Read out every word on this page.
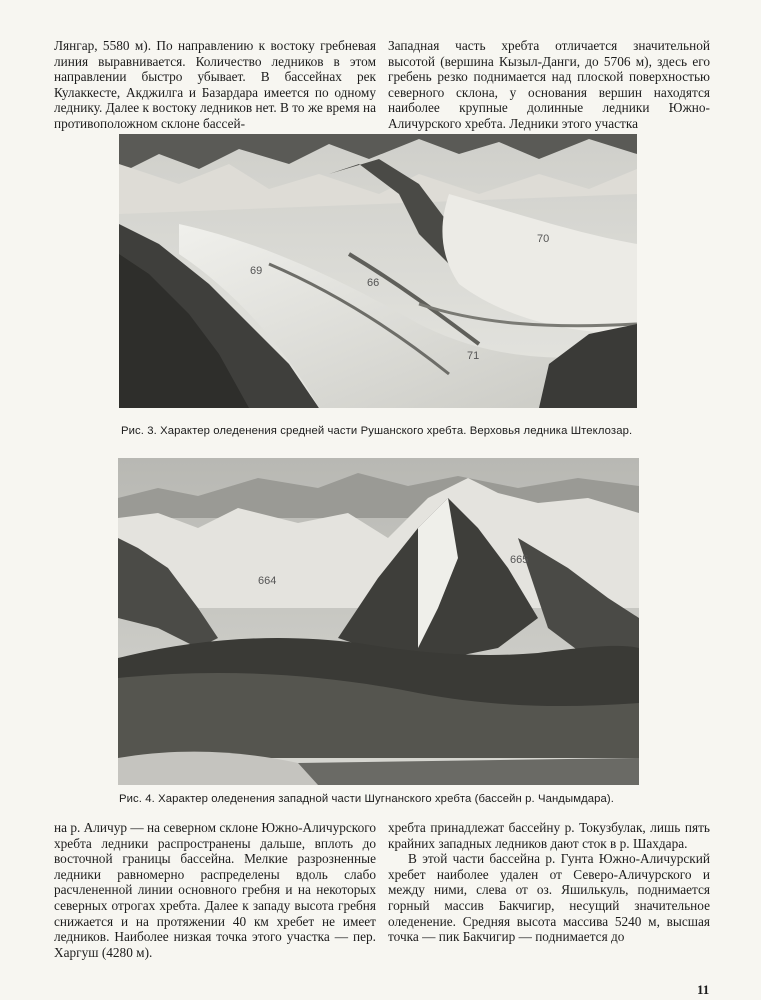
Лянгар, 5580 м). По направлению к востоку гребневая линия выравнивается. Количество ледников в этом направлении быстро убывает. В бассейнах рек Кулаккесте, Акджилга и Базардара имеется по одному леднику. Далее к востоку ледников нет. В то же время на противоположном склоне бассей-

Западная часть хребта отличается значительной высотой (вершина Кызыл-Данги, до 5706 м), здесь его гребень резко поднимается над плоской поверхностью северного склона, у основания вершин находятся наиболее крупные долинные ледники Южно-Аличурского хребта. Ледники этого участка

69
66
70
71
Рис. 3. Характер оледенения средней части Рушанского хребта. Верховья ледника Штеклозар.
664
665
Рис. 4. Характер оледенения западной части Шугнанского хребта (бассейн р. Чандымдара).

на р. Аличур — на северном склоне Южно-Аличурского хребта ледники распространены дальше, вплоть до восточной границы бассейна. Мелкие разрозненные ледники равномерно распределены вдоль слабо расчлененной линии основного гребня и на некоторых северных отрогах хребта. Далее к западу высота гребня снижается и на протяжении 40 км хребет не имеет ледников. Наиболее низкая точка этого участка — пер. Харгуш (4280 м).

хребта принадлежат бассейну р. Токузбулак, лишь пять крайних западных ледников дают сток в р. Шахдара.

В этой части бассейна р. Гунта Южно-Аличурский хребет наиболее удален от Северо-Аличурского и между ними, слева от оз. Яшилькуль, поднимается горный массив Бакчигир, несущий значительное оледенение. Средняя высота массива 5240 м, высшая точка — пик Бакчигир — поднимается до

11
